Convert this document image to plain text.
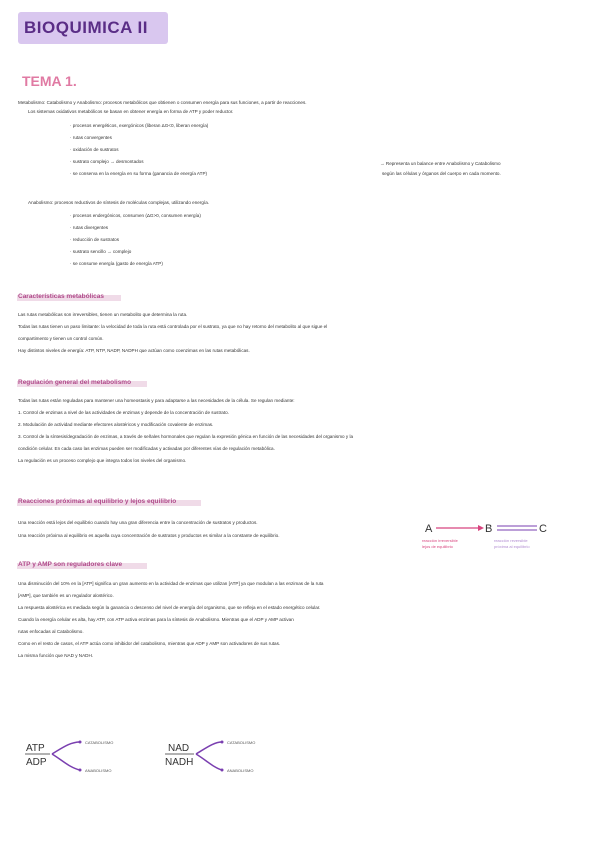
BIOQUIMICA II
TEMA 1.
Metabolismo: Catabolismo y Anabolismo: procesos metabólicos que obtienen o consumen energía para sus funciones, a partir de reacciones.
Los sistemas oxidativos metabólicos se basan en obtener energía en forma de ATP y poder reductor.
· procesos energéticos, exergónicos (liberan ΔG<0, liberan energía)
· rutas convergentes
· oxidación de sustratos
· sustrato complejo → desmontados
· se conserva en la energía en su forma (ganancia de energía ATP)
→ Representa un balance entre Anabolismo y Catabolismo
según las células y órganos del cuerpo en cada momento.
Anabolismo: procesos reductivos de síntesis de moléculas complejas, utilizando energía.
· procesos endergónicos, consumen (ΔG>0, consumen energía)
· rutas divergentes
· reducción de sustratos
· sustrato sencillo → complejo
· se consume energía (gasto de energía ATP)
Características metabólicas
Las rutas metabólicas son irreversibles, tienen un metabolito que determina la ruta.
Todas las rutas tienen un paso limitante: la velocidad de toda la ruta está controlada por el sustrato, ya que no hay retorno del metabolito al que sigue el
compartimento y tienen un control común.
Hay distintos niveles de energía: ATP, NTP, NADP, NADPH que actúan como coenzimas en las rutas metabólicas.
Regulación general del metabolismo
Todas las rutas están reguladas para mantener una homeostasis y para adaptarse a las necesidades de la célula. Se regulan mediante:
1. Control de enzimas a nivel de las actividades de enzimas y depende de la concentración de sustrato.
2. Modulación de actividad mediante efectores alostéricos y modificación covalente de enzimas.
3. Control de la síntesis/degradación de enzimas, a través de señales hormonales que regulan la expresión génica en función de las necesidades del organismo y la
condición celular. En cada caso las enzimas pueden ser modificadas y activadas por diferentes vías de regulación metabólica.
La regulación es un proceso complejo que integra todos los niveles del organismo.
Reacciones próximas al equilibrio y lejos equilibrio
Una reacción está lejos del equilibrio cuando hay una gran diferencia entre la concentración de sustratos y productos.
Una reacción próxima al equilibrio es aquella cuya concentración de sustratos y productos es similar a la constante de equilibrio.
A	B	C
reacción irreversible
lejos de equilibrio
reacción reversible
próxima al equilibrio
ATP y AMP son reguladores clave
Una disminución del 10% en la [ATP] significa un gran aumento en la actividad de enzimas que utilizan [ATP] ya que modulan a las enzimas de la ruta
[AMP], que también es un regulador alostérico.
La respuesta alostérica es mediada según la ganancia o descenso del nivel de energía del organismo, que se refleja en el estado energético celular.
Cuando la energía celular es alta, hay ATP, con ATP activa enzimas para la síntesis de Anabolismo. Mientras que el ADP y AMP activan
rutas enfocadas al Catabolismo.
Como en el resto de casos, el ATP actúa como inhibidor del catabolismo, mientras que ADP y AMP son activadores de sus rutas.
La misma función que NAD y NADH.
ATP
ADP
CATABOLISMO
ANABOLISMO
NAD
NADH
CATABOLISMO
ANABOLISMO
